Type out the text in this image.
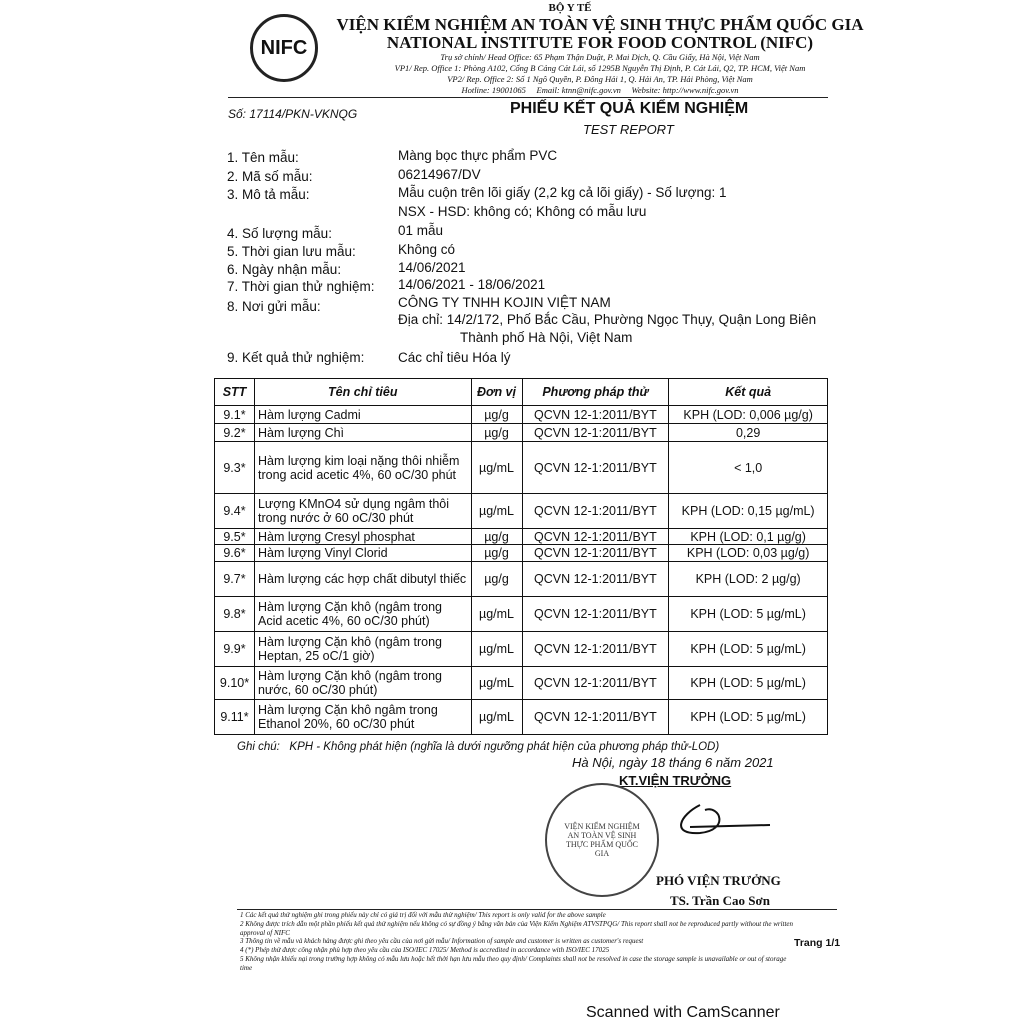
NIFC
BỘ Y TẾ
VIỆN KIỂM NGHIỆM AN TOÀN VỆ SINH THỰC PHẨM QUỐC GIA
NATIONAL INSTITUTE FOR FOOD CONTROL (NIFC)
Trụ sở chính/ Head Office: 65 Phạm Thận Duật, P. Mai Dịch, Q. Cầu Giấy, Hà Nội, Việt Nam
VP1/ Rep. Office 1: Phòng A102, Cổng B Cảng Cát Lái, số 1295B Nguyễn Thị Định, P. Cát Lái, Q2, TP. HCM, Việt Nam
VP2/ Rep. Office 2: Số 1 Ngô Quyền, P. Đông Hải 1, Q. Hải An, TP. Hải Phòng, Việt Nam
Hotline: 19001065     Email: ktnn@nifc.gov.vn     Website: http://www.nifc.gov.vn
Số: 17114/PKN-VKNQG	PHIẾU KẾT QUẢ KIỂM NGHIỆM
TEST REPORT
1. Tên mẫu:	Màng bọc thực phẩm PVC
2. Mã số mẫu:	06214967/DV
3. Mô tả mẫu:	Mẫu cuộn trên lõi giấy (2,2 kg cả lõi giấy) - Số lượng: 1
NSX - HSD: không có; Không có mẫu lưu
4. Số lượng mẫu:	01 mẫu
5. Thời gian lưu mẫu:	Không có
6. Ngày nhận mẫu:	14/06/2021
7. Thời gian thử nghiệm: 14/06/2021 - 18/06/2021
8. Nơi gửi mẫu:	CÔNG TY TNHH KOJIN VIỆT NAM
Địa chỉ: 14/2/172, Phố Bắc Cầu, Phường Ngọc Thụy, Quận Long Biên
Thành phố Hà Nội, Việt Nam
9. Kết quả thử nghiệm: Các chỉ tiêu Hóa lý
STT	Tên chỉ tiêu	Đơn vị	Phương pháp thử	Kết quả
9.1*	Hàm lượng Cadmi	µg/g	QCVN 12-1:2011/BYT	KPH (LOD: 0,006 µg/g)
9.2*	Hàm lượng Chì	µg/g	QCVN 12-1:2011/BYT	0,29
9.3*	Hàm lượng kim loại nặng thôi nhiễm trong acid acetic 4%, 60 oC/30 phút	µg/mL	QCVN 12-1:2011/BYT	< 1,0
9.4*	Lượng KMnO4 sử dụng ngâm thôi trong nước ở 60 oC/30 phút	µg/mL	QCVN 12-1:2011/BYT	KPH (LOD: 0,15 µg/mL)
9.5*	Hàm lượng Cresyl phosphat	µg/g	QCVN 12-1:2011/BYT	KPH (LOD: 0,1 µg/g)
9.6*	Hàm lượng Vinyl Clorid	µg/g	QCVN 12-1:2011/BYT	KPH (LOD: 0,03 µg/g)
9.7*	Hàm lượng các hợp chất dibutyl thiếc	µg/g	QCVN 12-1:2011/BYT	KPH (LOD: 2 µg/g)
9.8*	Hàm lượng Cặn khô (ngâm trong Acid acetic 4%, 60 oC/30 phút)	µg/mL	QCVN 12-1:2011/BYT	KPH (LOD: 5 µg/mL)
9.9*	Hàm lượng Cặn khô (ngâm trong Heptan, 25 oC/1 giờ)	µg/mL	QCVN 12-1:2011/BYT	KPH (LOD: 5 µg/mL)
9.10*	Hàm lượng Cặn khô (ngâm trong nước, 60 oC/30 phút)	µg/mL	QCVN 12-1:2011/BYT	KPH (LOD: 5 µg/mL)
9.11*	Hàm lượng Cặn khô ngâm trong Ethanol 20%, 60 oC/30 phút	µg/mL	QCVN 12-1:2011/BYT	KPH (LOD: 5 µg/mL)
Ghi chú:   KPH - Không phát hiện (nghĩa là dưới ngưỡng phát hiện của phương pháp thử-LOD)
Hà Nội, ngày 18 tháng 6 năm 2021
KT.VIỆN TRƯỞNG
VIỆN KIỂM NGHIỆM AN TOÀN VỆ SINH THỰC PHẨM QUỐC GIA
PHÓ VIỆN TRƯỞNG
TS. Trần Cao Sơn
1 Các kết quả thử nghiệm ghi trong phiếu này chỉ có giá trị đối với mẫu thử nghiệm/ This report is only valid for the above sample
2 Không được trích dẫn một phần phiếu kết quả thử nghiệm nếu không có sự đồng ý bằng văn bản của Viện Kiểm Nghiệm ATVSTPQG/ This report shall not be reproduced partly without the written approval of NIFC
3 Thông tin về mẫu và khách hàng được ghi theo yêu cầu của nơi gửi mẫu/ Information of sample and customer is written as customer's request
4 (*) Phép thử được công nhận phù hợp theo yêu cầu của ISO/IEC 17025/ Method is accredited in accordance with ISO/IEC 17025
5 Không nhận khiếu nại trong trường hợp không có mẫu lưu hoặc hết thời hạn lưu mẫu theo quy định/ Complaints shall not be resolved in case the storage sample is unavailable or out of storage time
Trang 1/1
Scanned with CamScanner
